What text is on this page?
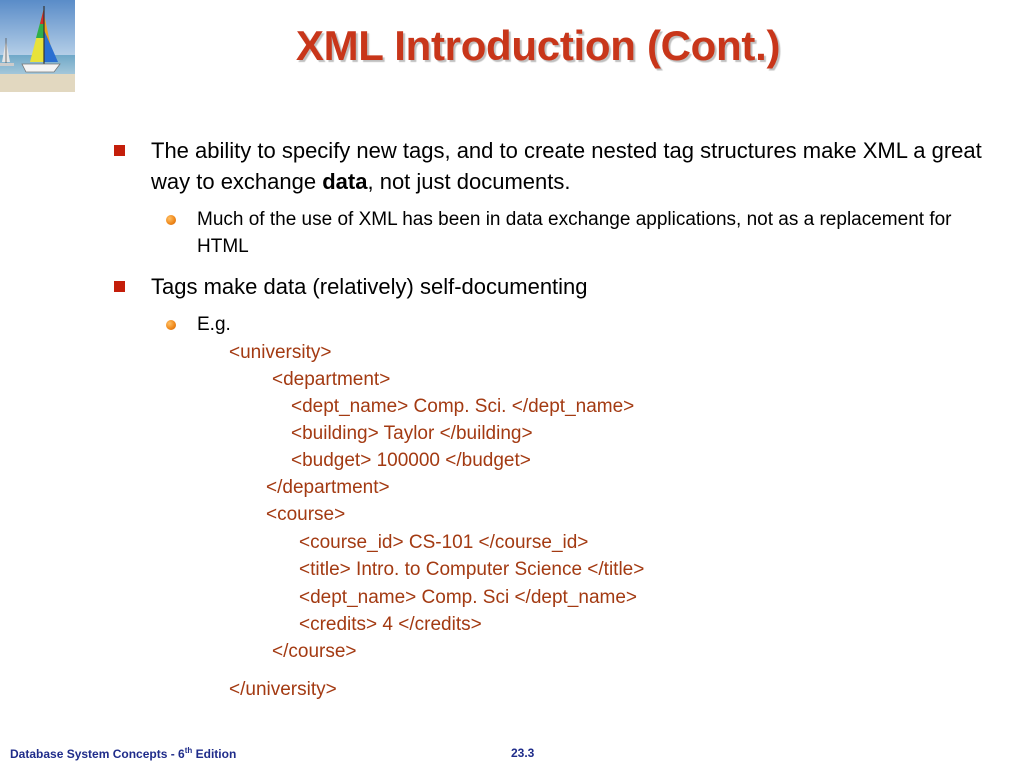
XML Introduction (Cont.)
The ability to specify new tags, and to create nested tag structures make XML a great way to exchange data, not just documents.
Much of the use of XML has been in data exchange applications, not as a replacement for HTML
Tags make data (relatively) self-documenting
E.g.
<university>
<department>
<dept_name> Comp. Sci. </dept_name>
<building> Taylor </building>
<budget> 100000 </budget>
</department>
<course>
<course_id> CS-101 </course_id>
<title> Intro. to Computer Science </title>
<dept_name> Comp. Sci </dept_name>
<credits> 4 </credits>
</course>
</university>
Database System Concepts - 6th Edition	23.3
